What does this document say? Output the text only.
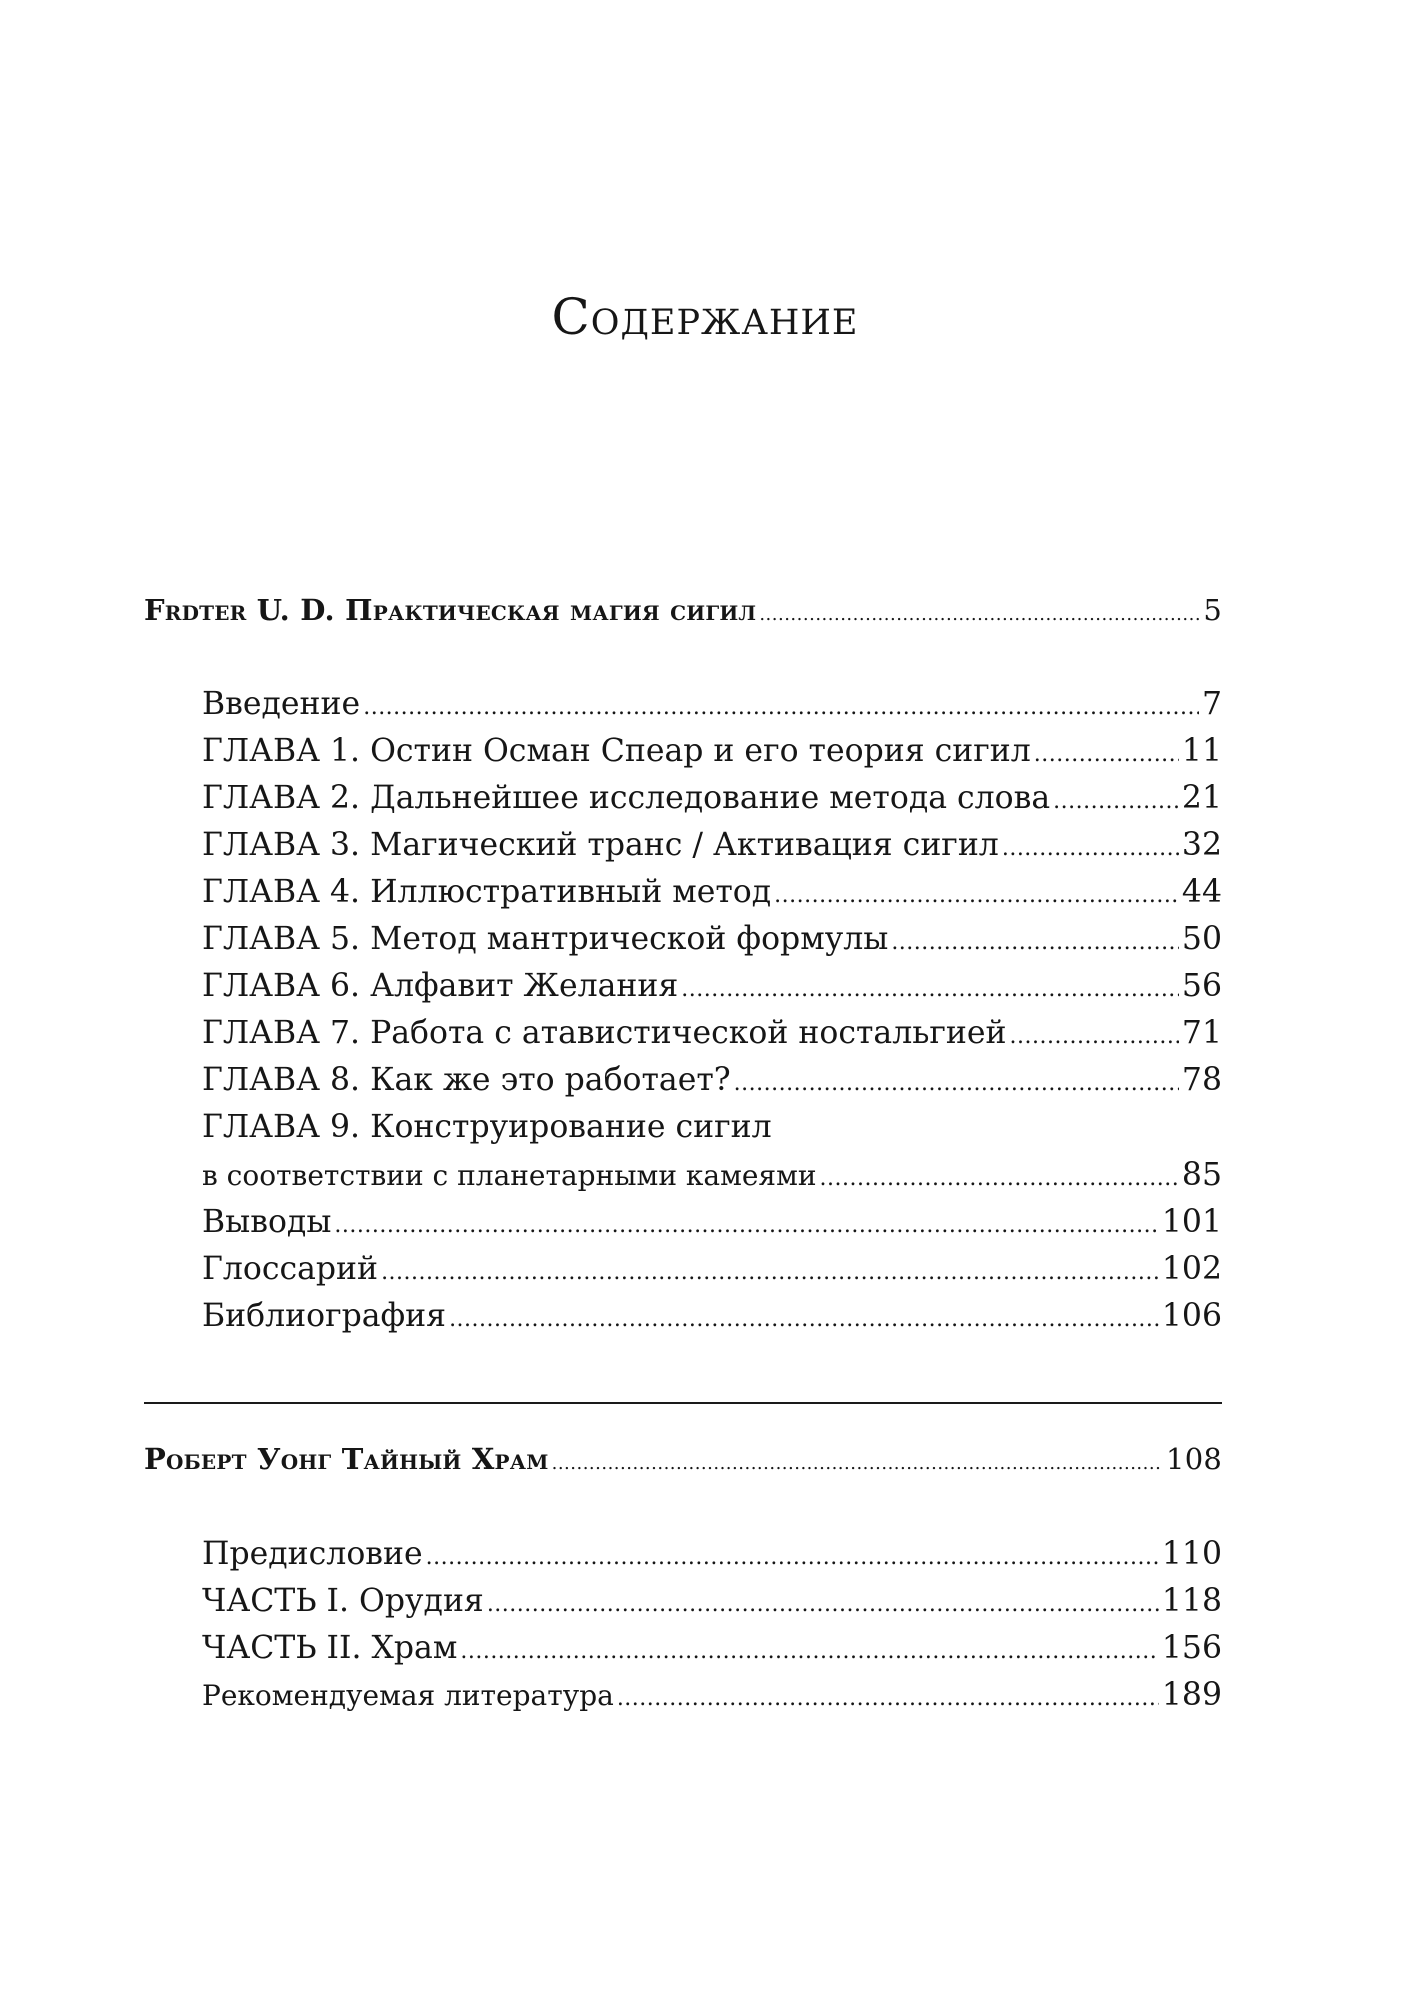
Содержание
Frdter U. D. Практическая магия сигил .....	5
Введение .....	7
ГЛАВА 1. Остин Осман Спеар и его теория сигил .....	11
ГЛАВА 2. Дальнейшее исследование метода слова .....	21
ГЛАВА 3. Магический транс / Активация сигил .....	32
ГЛАВА 4. Иллюстративный метод .....	44
ГЛАВА 5. Метод мантрической формулы .....	50
ГЛАВА 6. Алфавит Желания .....	56
ГЛАВА 7. Работа с атавистической ностальгией .....	71
ГЛАВА 8. Как же это работает? .....	78
ГЛАВА 9. Конструирование сигил
в соответствии с планетарными камеями .....	85
Выводы .....	101
Глоссарий .....	102
Библиография .....	106
Роберт Уонг Тайный Храм .....	108
Предисловие .....	110
ЧАСТЬ I. Орудия .....	118
ЧАСТЬ II. Храм .....	156
Рекомендуемая литература .....	189
